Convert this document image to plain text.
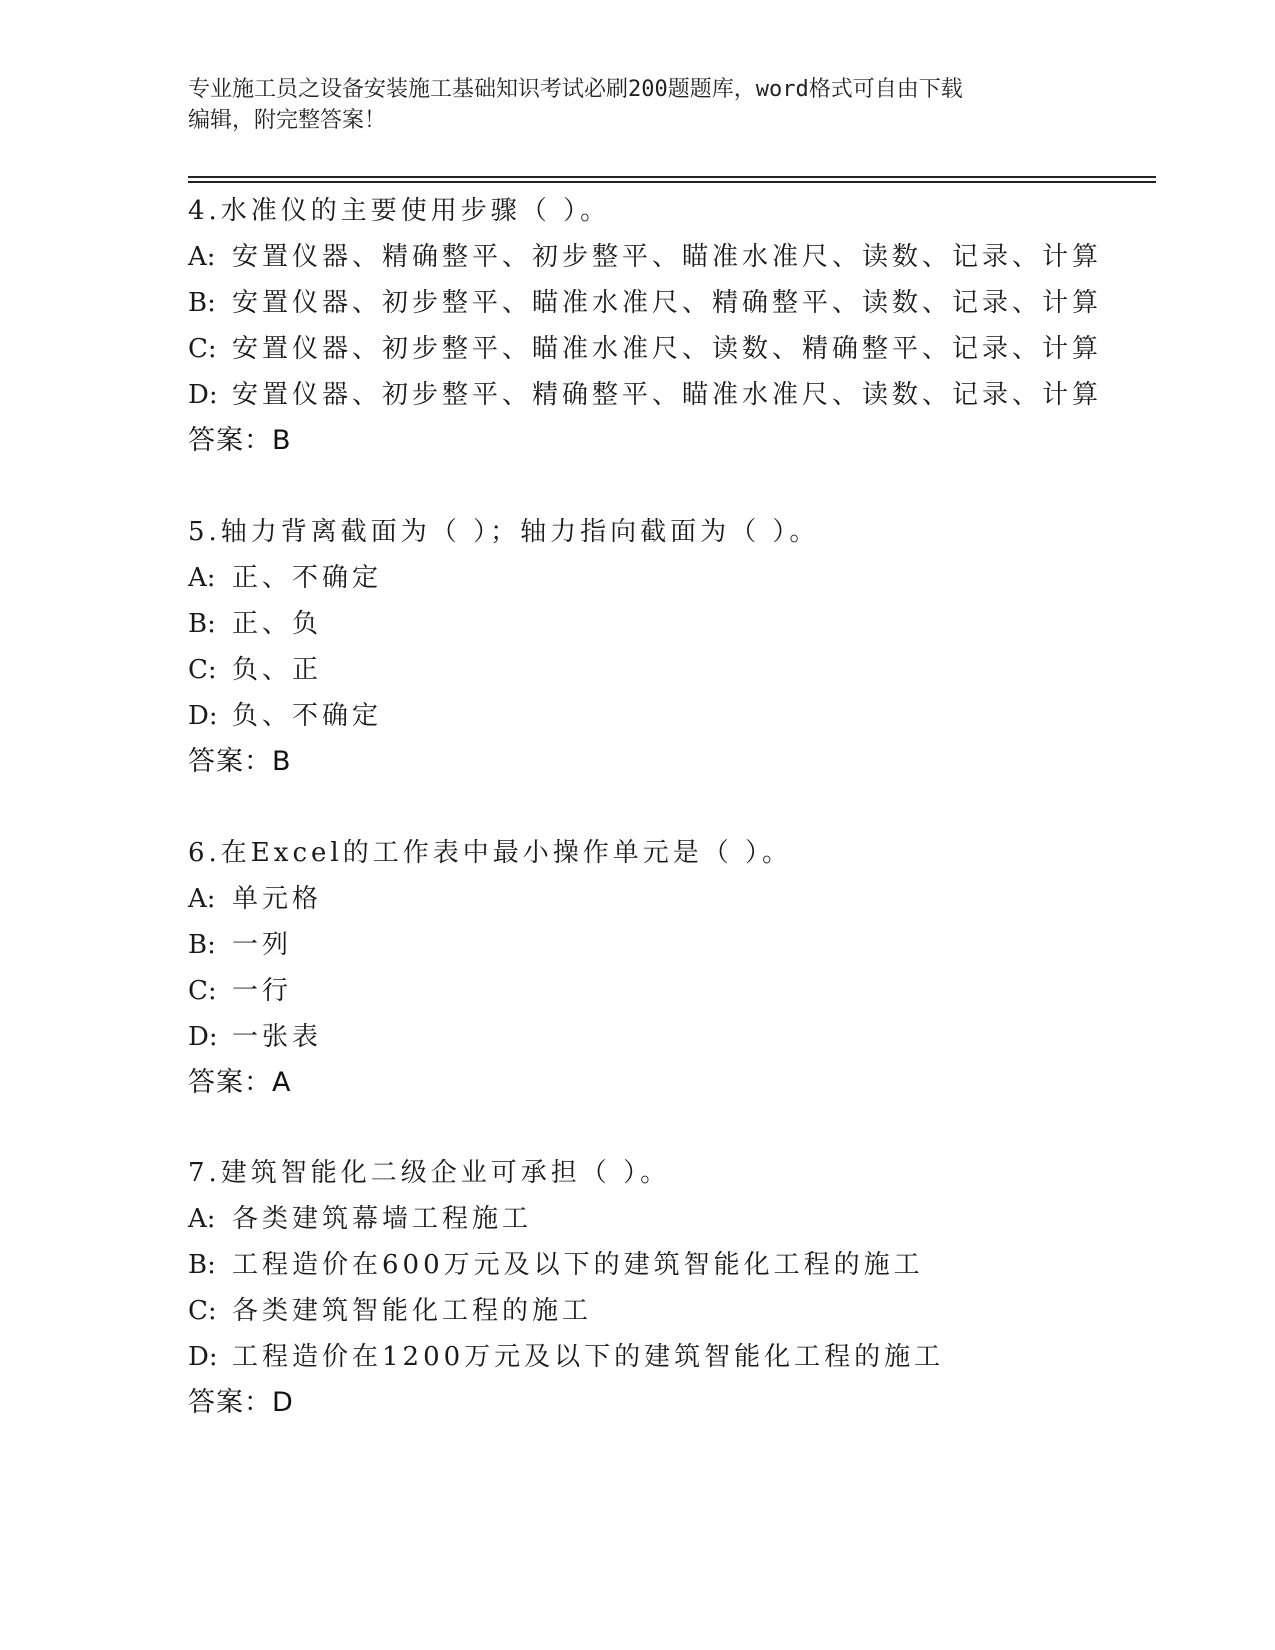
专业施工员之设备安装施工基础知识考试必刷200题题库，word格式可自由下载
编辑，附完整答案！
4.水准仪的主要使用步骤（ ）。
A: 安置仪器、精确整平、初步整平、瞄准水准尺、读数、记录、计算
B: 安置仪器、初步整平、瞄准水准尺、精确整平、读数、记录、计算
C: 安置仪器、初步整平、瞄准水准尺、读数、精确整平、记录、计算
D: 安置仪器、初步整平、精确整平、瞄准水准尺、读数、记录、计算
答案：B
5.轴力背离截面为（ ）；轴力指向截面为（ ）。
A: 正、不确定
B: 正、负
C: 负、正
D: 负、不确定
答案：B
6.在Excel的工作表中最小操作单元是（ ）。
A: 单元格
B: 一列
C: 一行
D: 一张表
答案：A
7.建筑智能化二级企业可承担（ ）。
A: 各类建筑幕墙工程施工
B: 工程造价在600万元及以下的建筑智能化工程的施工
C: 各类建筑智能化工程的施工
D: 工程造价在1200万元及以下的建筑智能化工程的施工
答案：D
